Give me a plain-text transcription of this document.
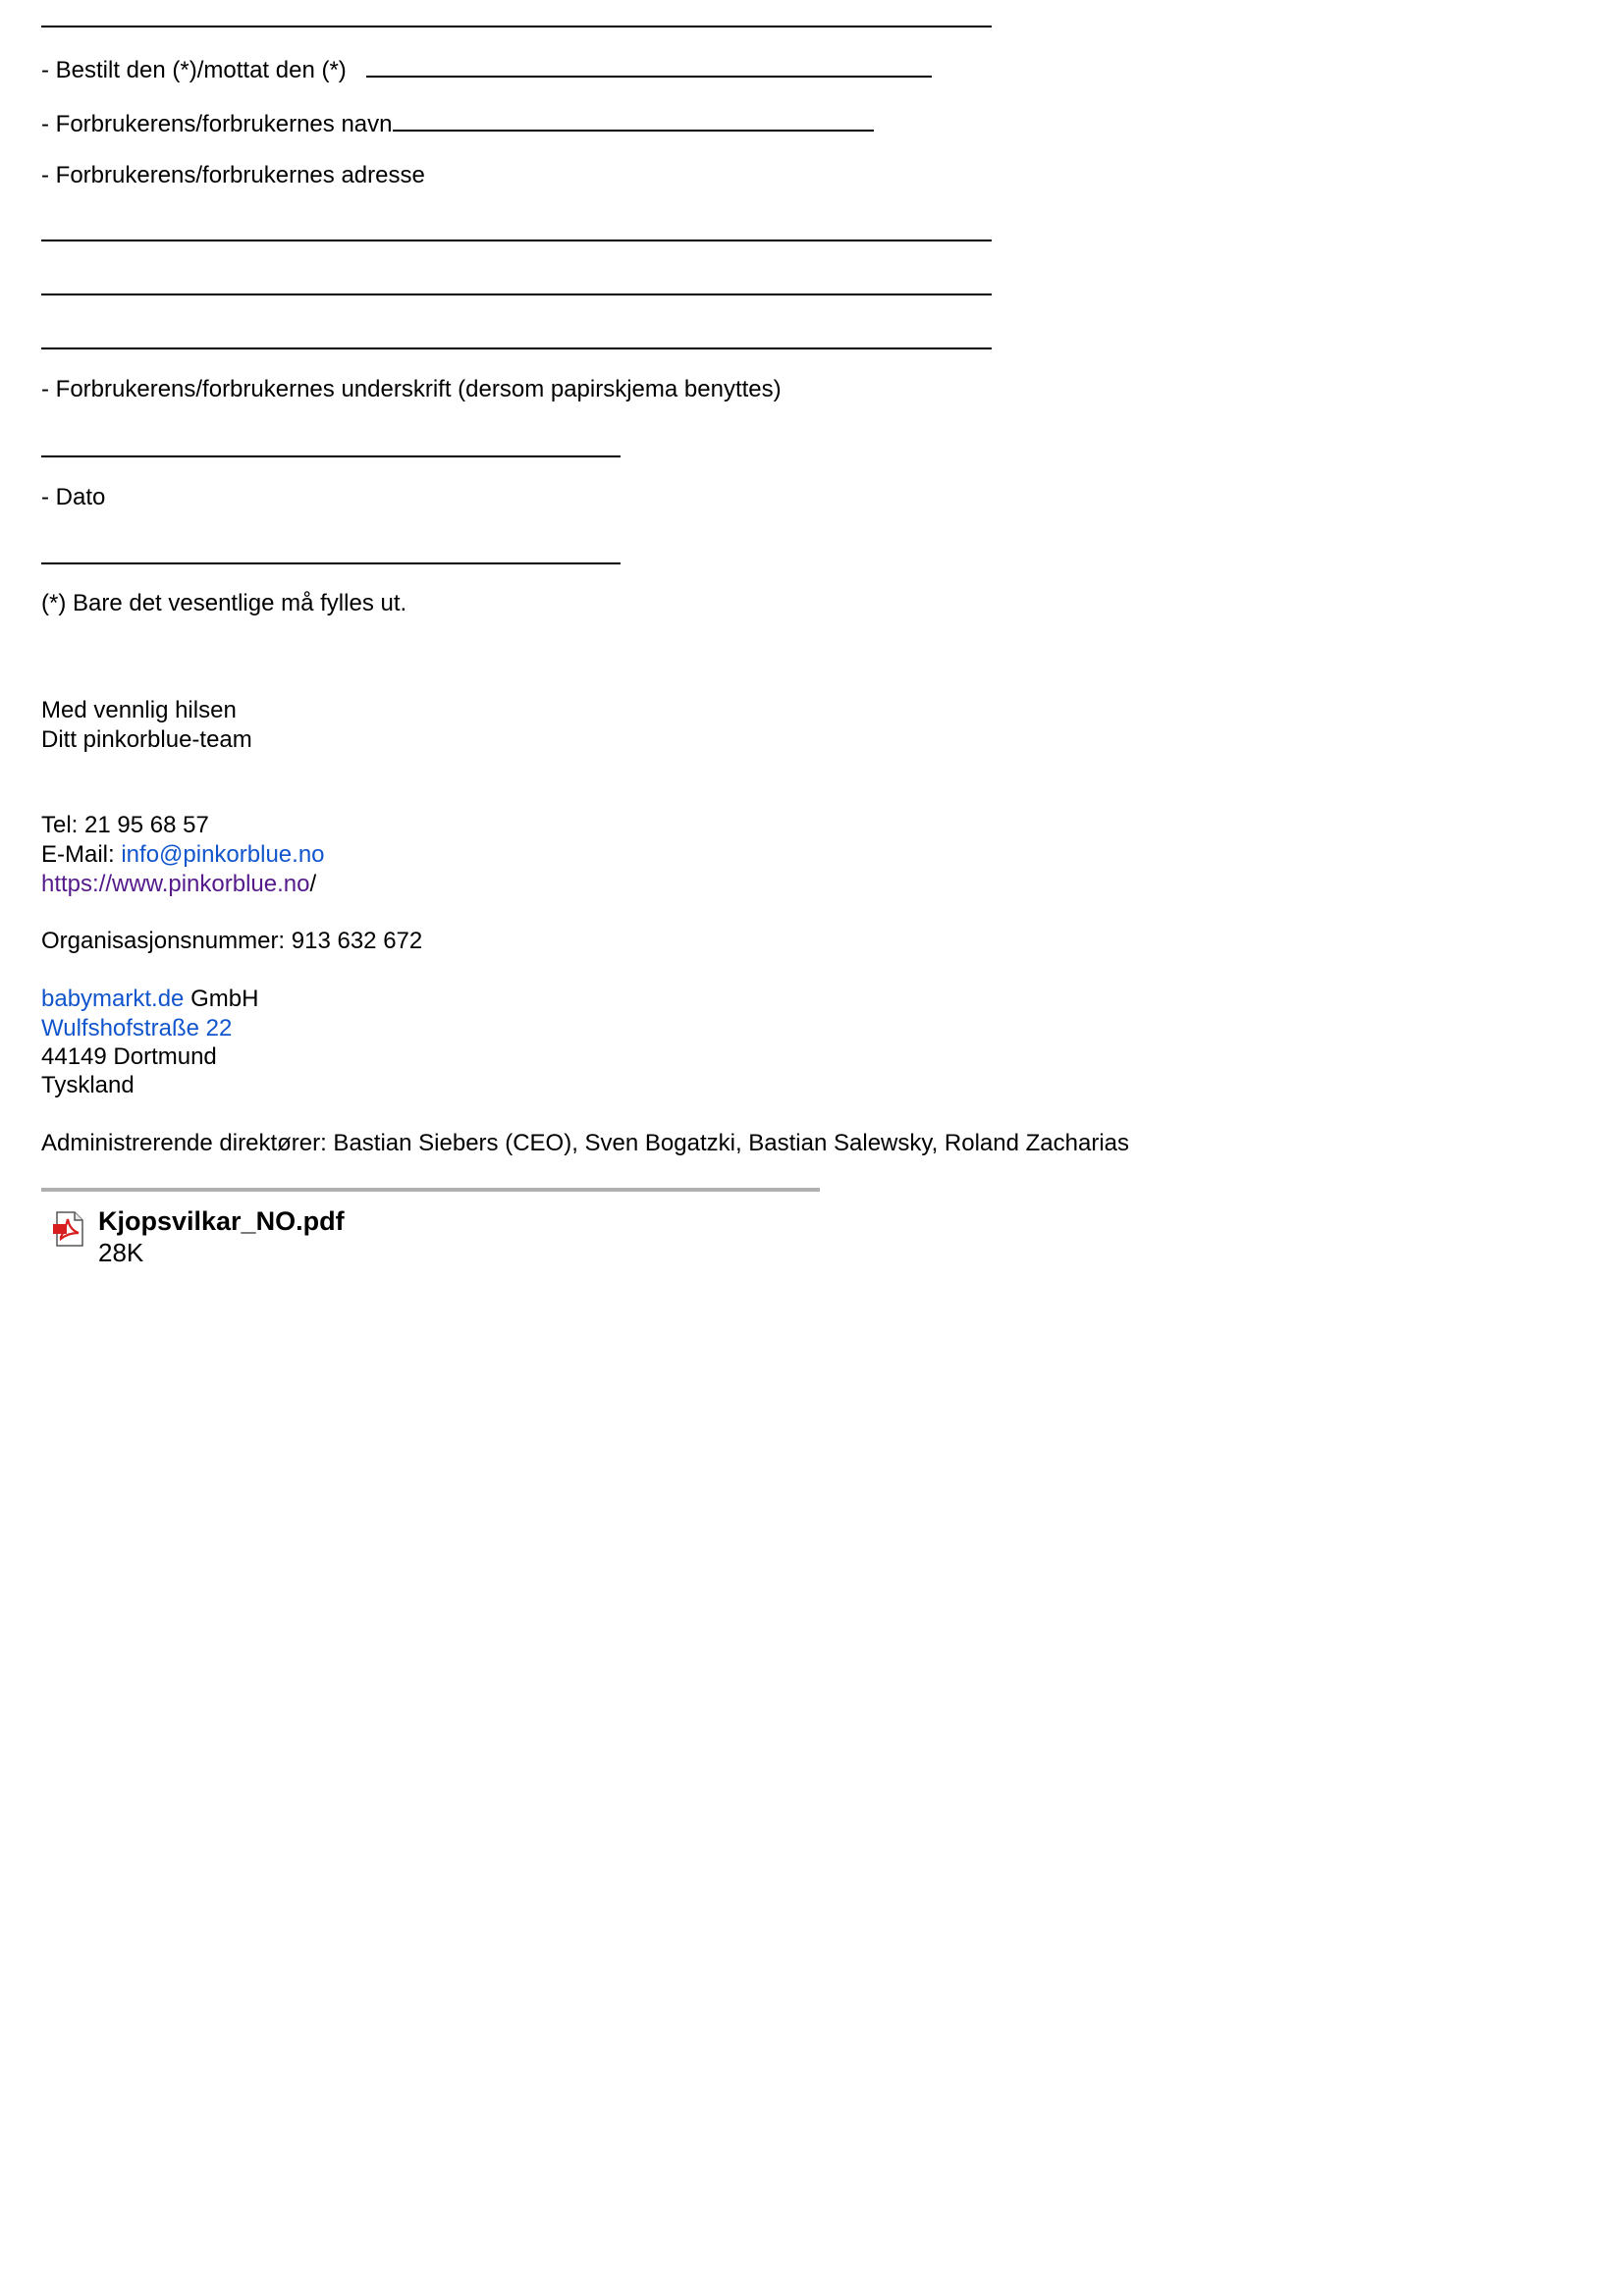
- Bestilt den (*)/mottat den (*)
- Forbrukerens/forbrukernes navn
- Forbrukerens/forbrukernes adresse
- Forbrukerens/forbrukernes underskrift (dersom papirskjema benyttes)
- Dato
(*) Bare det vesentlige må fylles ut.
Med vennlig hilsen
Ditt pinkorblue-team
Tel: 21 95 68 57
E-Mail: info@pinkorblue.no
https://www.pinkorblue.no/
Organisasjonsnummer: 913 632 672
babymarkt.de GmbH
Wulfshofstraße 22
44149 Dortmund
Tyskland
Administrerende direktører: Bastian Siebers (CEO), Sven Bogatzki, Bastian Salewsky, Roland Zacharias
Kjopsvilkar_NO.pdf
28K
